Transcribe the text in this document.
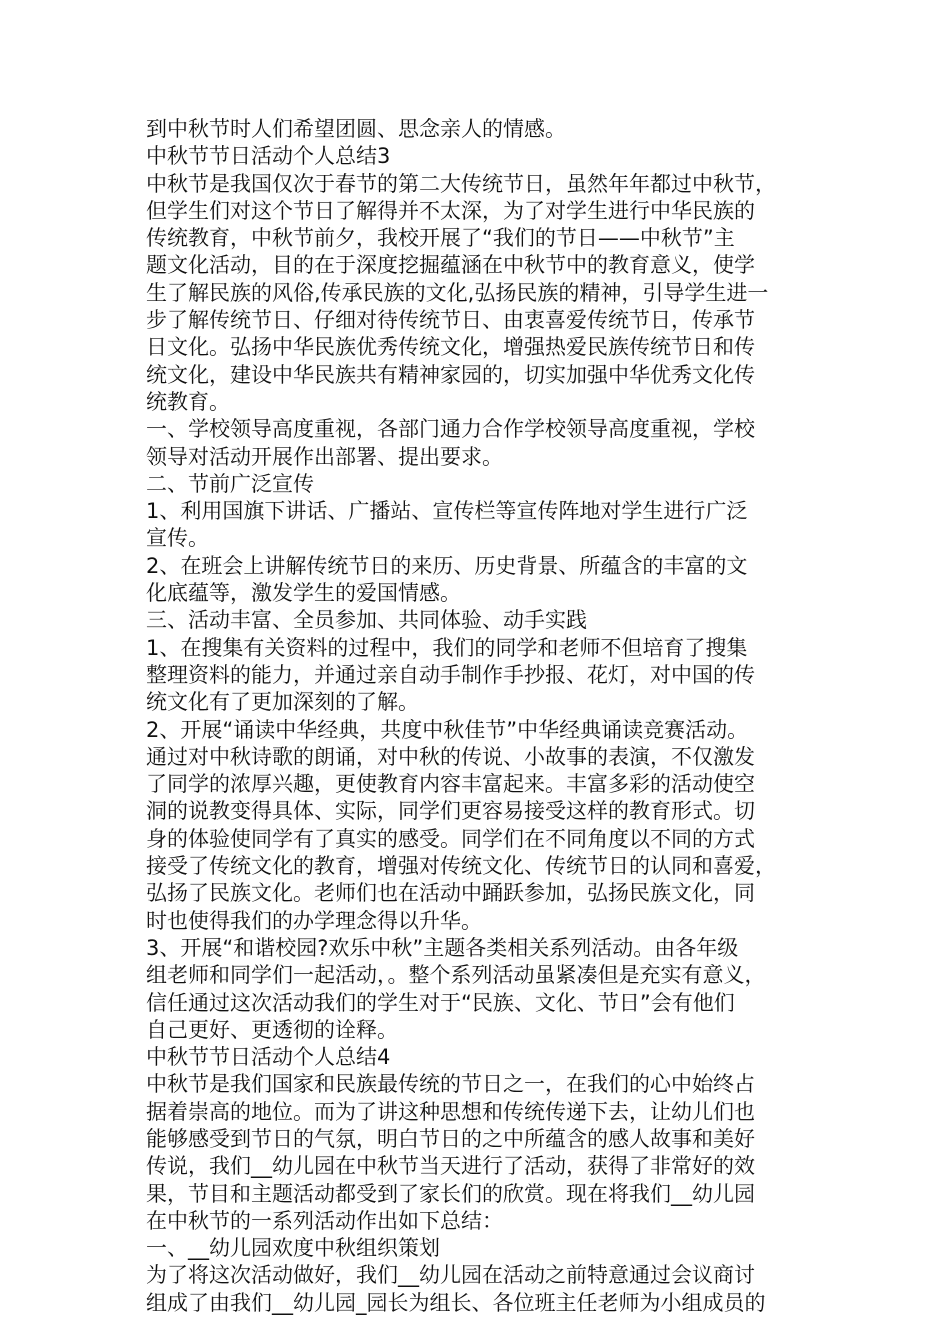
到中秋节时人们希望团圆、思念亲人的情感。
中秋节节日活动个人总结3
中秋节是我国仅次于春节的第二大传统节日，虽然年年都过中秋节，
但学生们对这个节日了解得并不太深，为了对学生进行中华民族的
传统教育，中秋节前夕，我校开展了“我们的节日——中秋节”主
题文化活动，目的在于深度挖掘蕴涵在中秋节中的教育意义，使学
生了解民族的风俗,传承民族的文化,弘扬民族的精神，引导学生进一
步了解传统节日、仔细对待传统节日、由衷喜爱传统节日，传承节
日文化。弘扬中华民族优秀传统文化，增强热爱民族传统节日和传
统文化，建设中华民族共有精神家园的，切实加强中华优秀文化传
统教育。
一、学校领导高度重视，各部门通力合作学校领导高度重视，学校
领导对活动开展作出部署、提出要求。
二、节前广泛宣传
1、利用国旗下讲话、广播站、宣传栏等宣传阵地对学生进行广泛
宣传。
2、在班会上讲解传统节日的来历、历史背景、所蕴含的丰富的文
化底蕴等，激发学生的爱国情感。
三、活动丰富、全员参加、共同体验、动手实践
1、在搜集有关资料的过程中，我们的同学和老师不但培育了搜集
整理资料的能力，并通过亲自动手制作手抄报、花灯，对中国的传
统文化有了更加深刻的了解。
2、开展“诵读中华经典，共度中秋佳节”中华经典诵读竞赛活动。
通过对中秋诗歌的朗诵，对中秋的传说、小故事的表演，不仅激发
了同学的浓厚兴趣，更使教育内容丰富起来。丰富多彩的活动使空
洞的说教变得具体、实际，同学们更容易接受这样的教育形式。切
身的体验使同学有了真实的感受。同学们在不同角度以不同的方式
接受了传统文化的教育，增强对传统文化、传统节日的认同和喜爱，
弘扬了民族文化。老师们也在活动中踊跃参加，弘扬民族文化，同
时也使得我们的办学理念得以升华。
3、开展“和谐校园?欢乐中秋”主题各类相关系列活动。由各年级
组老师和同学们一起活动，。整个系列活动虽紧凑但是充实有意义，
信任通过这次活动我们的学生对于“民族、文化、节日”会有他们
自己更好、更透彻的诠释。
中秋节节日活动个人总结4
中秋节是我们国家和民族最传统的节日之一，在我们的心中始终占
据着崇高的地位。而为了讲这种思想和传统传递下去，让幼儿们也
能够感受到节日的气氛，明白节日的之中所蕴含的感人故事和美好
传说，我们__幼儿园在中秋节当天进行了活动，获得了非常好的效
果，节目和主题活动都受到了家长们的欣赏。现在将我们__幼儿园
在中秋节的一系列活动作出如下总结：
一、__幼儿园欢度中秋组织策划
为了将这次活动做好，我们__幼儿园在活动之前特意通过会议商讨
组成了由我们__幼儿园_园长为组长、各位班主任老师为小组成员的
